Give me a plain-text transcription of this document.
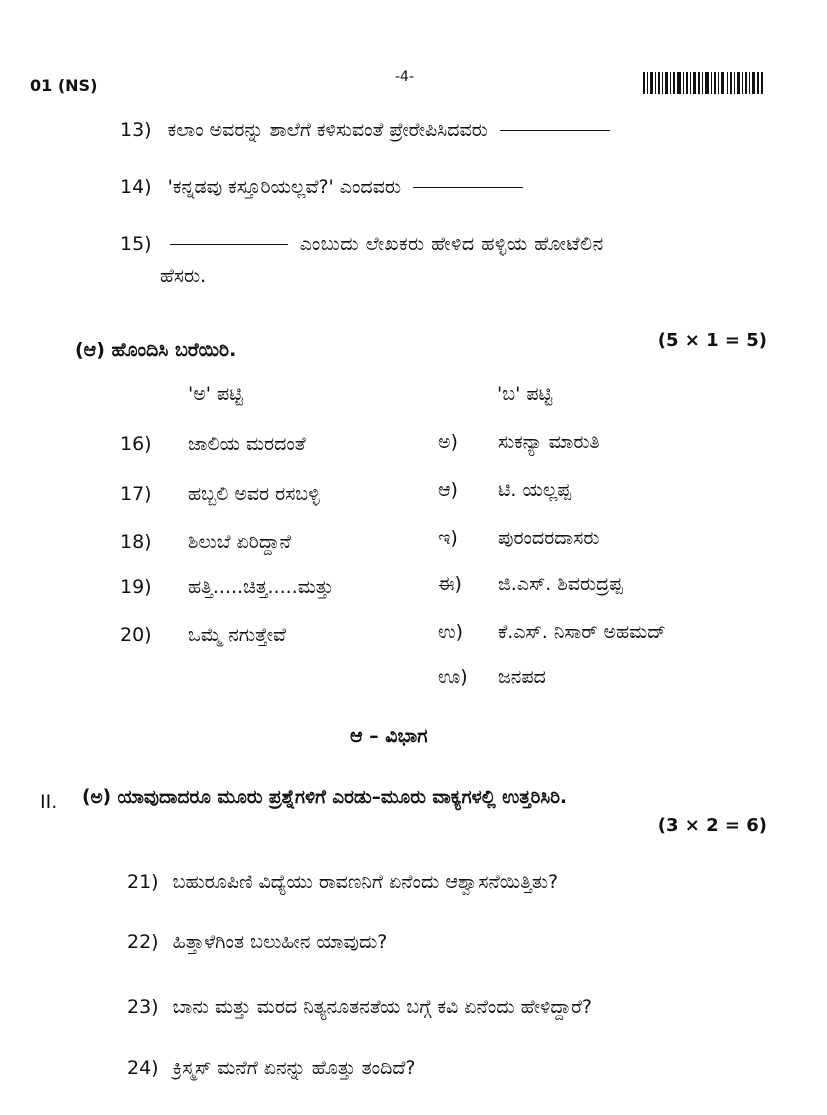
01 (NS)	-4-
13) ಕಲಾಂ ಅವರನ್ನು ಶಾಲೆಗೆ ಕಳಿಸುವಂತೆ ಪ್ರೇರೇಪಿಸಿದವರು
14) 'ಕನ್ನಡವು ಕಸ್ತೂರಿಯಲ್ಲವೆ?' ಎಂದವರು
15)	ಎಂಬುದು ಲೇಖಕರು ಹೇಳಿದ ಹಳ್ಳಿಯ ಹೋಟೆಲಿನ
ಹೆಸರು.
(ಆ) ಹೊಂದಿಸಿ ಬರೆಯಿರಿ.	(5 × 1 = 5)
'ಅ' ಪಟ್ಟಿ	'ಬ' ಪಟ್ಟಿ
16) ಜಾಲಿಯ ಮರದಂತೆ
17) ಹಬ್ಬಲಿ ಅವರ ರಸಬಳ್ಳಿ
18) ಶಿಲುಬೆ ಏರಿದ್ದಾನೆ
19) ಹತ್ತಿ.....ಚಿತ್ತ.....ಮತ್ತು
20) ಒಮ್ಮೆ ನಗುತ್ತೇವೆ
ಅ) ಸುಕನ್ಯಾ ಮಾರುತಿ
ಆ) ಟಿ. ಯಲ್ಲಪ್ಪ
ಇ) ಪುರಂದರದಾಸರು
ಈ) ಜಿ.ಎಸ್. ಶಿವರುದ್ರಪ್ಪ
ಉ) ಕೆ.ಎಸ್. ನಿಸಾರ್ ಅಹಮದ್
ಊ) ಜನಪದ
ಆ – ವಿಭಾಗ
II. (ಅ) ಯಾವುದಾದರೂ ಮೂರು ಪ್ರಶ್ನೆಗಳಿಗೆ ಎರಡು–ಮೂರು ವಾಕ್ಯಗಳಲ್ಲಿ ಉತ್ತರಿಸಿರಿ.
(3 × 2 = 6)
21) ಬಹುರೂಪಿಣಿ ವಿದ್ಯೆಯು ರಾವಣನಿಗೆ ಏನೆಂದು ಆಶ್ವಾಸನೆಯಿತ್ತಿತು?
22) ಹಿತ್ತಾಳೆಗಿಂತ ಬಲುಹೀನ ಯಾವುದು?
23) ಬಾನು ಮತ್ತು ಮರದ ನಿತ್ಯನೂತನತೆಯ ಬಗ್ಗೆ ಕವಿ ಏನೆಂದು ಹೇಳಿದ್ದಾರೆ?
24) ಕ್ರಿಸ್ಮಸ್ ಮನೆಗೆ ಏನನ್ನು ಹೊತ್ತು ತಂದಿದೆ?
